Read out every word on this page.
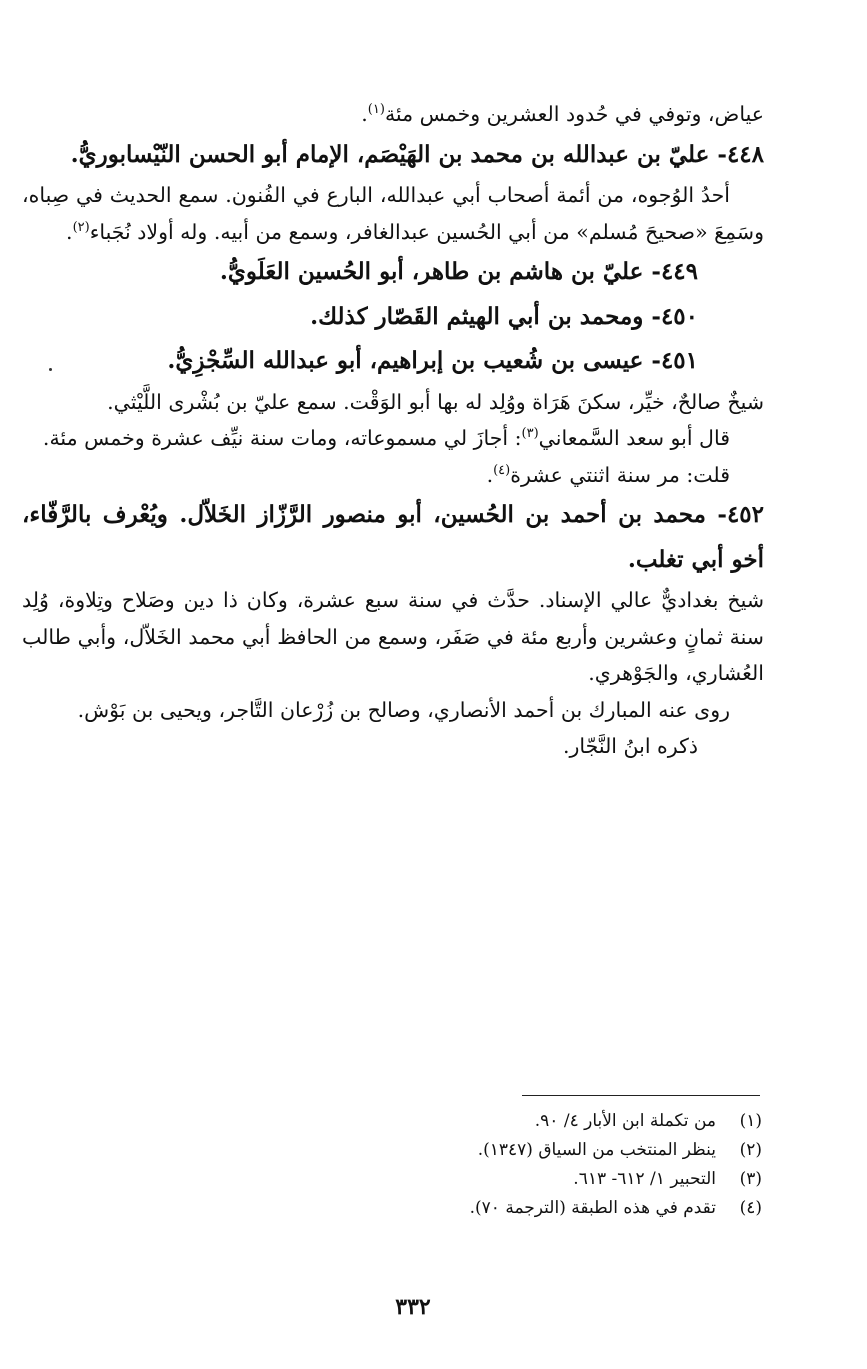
عياض، وتوفي في حُدود العشرين وخمس مئة$^{(١)}$.

٤٤٨- عليّ بن عبدالله بن محمد بن الهَيْصَم، الإمام أبو الحسن النّيْسابوريُّ.

أحدُ الوُجوه، من أئمة أصحاب أبي عبدالله، البارع في الفُنون. سمع الحديث في صِباه، وسَمِعَ «صحيحَ مُسلم» من أبي الحُسين عبدالغافر، وسمع من أبيه. وله أولاد نُجَباء$^{(٢)}$.

٤٤٩- عليّ بن هاشم بن طاهر، أبو الحُسين العَلَويُّ.

٤٥٠- ومحمد بن أبي الهيثم القَصّار كذلك.

٤٥١- عيسى بن شُعيب بن إبراهيم، أبو عبدالله السِّجْزِيُّ.

شيخٌ صالحٌ، خيِّر، سكنَ هَرَاة ووُلِد له بها أبو الوَقْت. سمع عليّ بن بُشْرى اللَّيْثي.

قال أبو سعد السَّمعاني$^{(٣)}$: أجازَ لي مسموعاته، ومات سنة نيِّف عشرة وخمس مئة.

قلت: مر سنة اثنتي عشرة$^{(٤)}$.

٤٥٢- محمد بن أحمد بن الحُسين، أبو منصور الرَّزّاز الخَلاّل. ويُعْرف بالرَّفّاء، أخو أبي تغلب.

شيخ بغداديٌّ عالي الإسناد. حدَّث في سنة سبع عشرة، وكان ذا دين وصَلاح وتِلاوة، وُلِد سنة ثمانٍ وعشرين وأربع مئة في صَفَر، وسمع من الحافظ أبي محمد الخَلاّل، وأبي طالب العُشاري، والجَوْهري.

روى عنه المبارك بن أحمد الأنصاري، وصالح بن زُرْعان التَّاجر، ويحيى بن بَوْش.

ذكره ابنُ النَّجّار.

(١)من تكملة ابن الأبار ٤/ ٩٠.

(٢)ينظر المنتخب من السياق (١٣٤٧).

(٣)التحبير ١/ ٦١٢- ٦١٣.

(٤)تقدم في هذه الطبقة (الترجمة ٧٠).

٣٣٢
